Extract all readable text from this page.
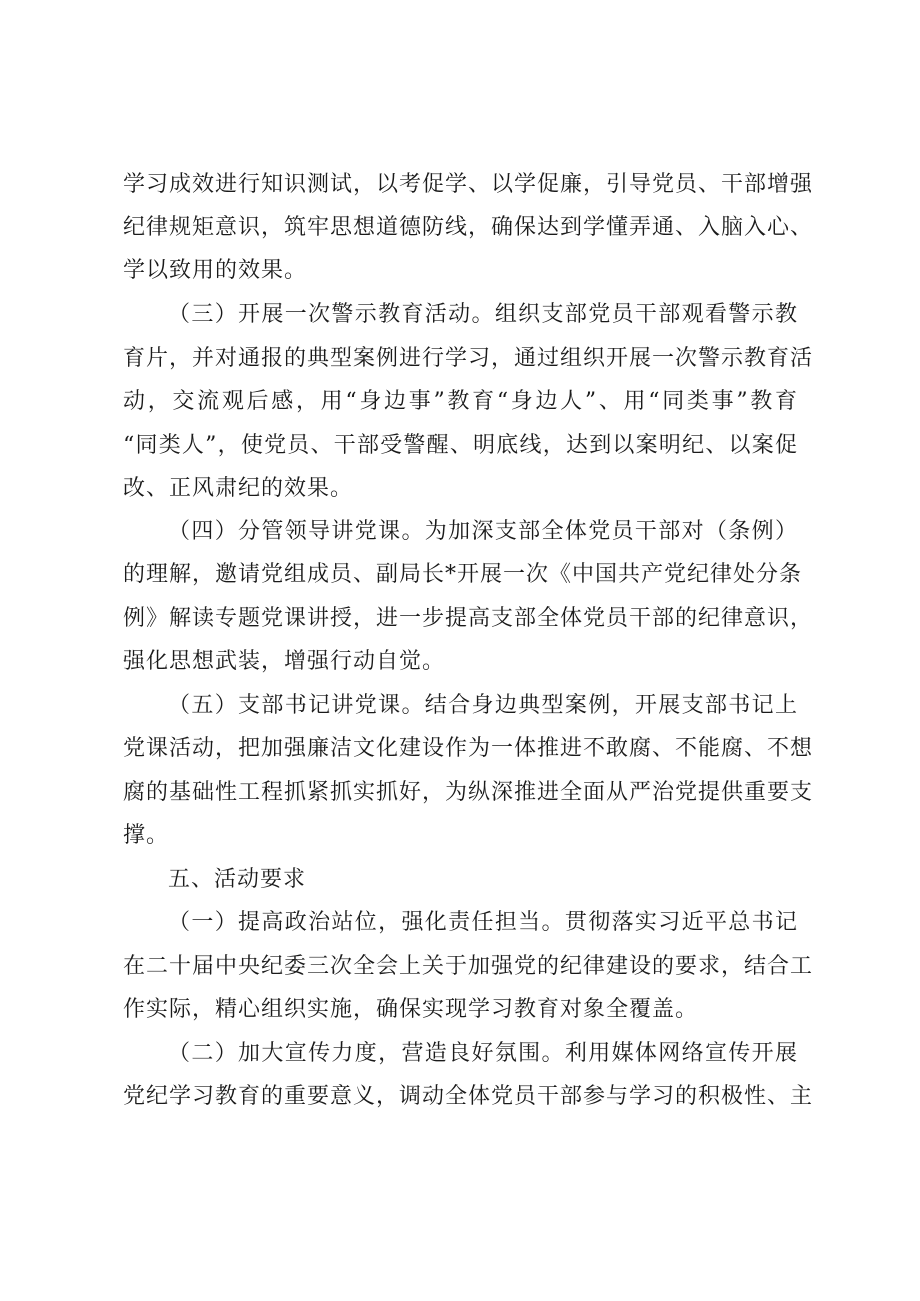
学习成效进行知识测试，以考促学、以学促廉，引导党员、干部增强
纪律规矩意识，筑牢思想道德防线，确保达到学懂弄通、入脑入心、
学以致用的效果。
（三）开展一次警示教育活动。组织支部党员干部观看警示教
育片，并对通报的典型案例进行学习，通过组织开展一次警示教育活
动，交流观后感，用“身边事”教育“身边人”、用“同类事”教育
“同类人”，使党员、干部受警醒、明底线，达到以案明纪、以案促
改、正风肃纪的效果。
（四）分管领导讲党课。为加深支部全体党员干部对（条例）
的理解，邀请党组成员、副局长*开展一次《中国共产党纪律处分条
例》解读专题党课讲授，进一步提高支部全体党员干部的纪律意识，
强化思想武装，增强行动自觉。
（五）支部书记讲党课。结合身边典型案例，开展支部书记上
党课活动，把加强廉洁文化建设作为一体推进不敢腐、不能腐、不想
腐的基础性工程抓紧抓实抓好，为纵深推进全面从严治党提供重要支
撑。
五、活动要求
（一）提高政治站位，强化责任担当。贯彻落实习近平总书记
在二十届中央纪委三次全会上关于加强党的纪律建设的要求，结合工
作实际，精心组织实施，确保实现学习教育对象全覆盖。
（二）加大宣传力度，营造良好氛围。利用媒体网络宣传开展
党纪学习教育的重要意义，调动全体党员干部参与学习的积极性、主
